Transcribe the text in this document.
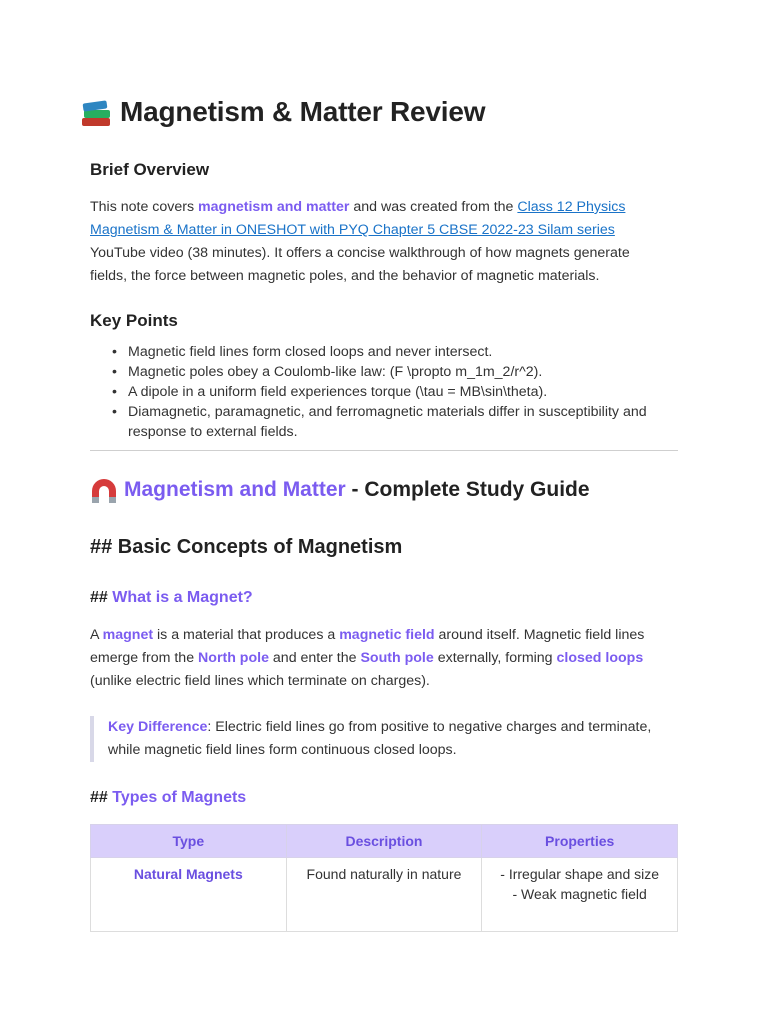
Magnetism & Matter Review
Brief Overview

This note covers magnetism and matter and was created from the Class 12 Physics Magnetism & Matter in ONESHOT with PYQ Chapter 5 CBSE 2022-23 Silam series YouTube video (38 minutes). It offers a concise walkthrough of how magnets generate fields, the force between magnetic poles, and the behavior of magnetic materials.

Key Points
• Magnetic field lines form closed loops and never intersect.
• Magnetic poles obey a Coulomb-like law: (F \propto m_1m_2/r^2).
• A dipole in a uniform field experiences torque (\tau = MB\sin\theta).
• Diamagnetic, paramagnetic, and ferromagnetic materials differ in susceptibility and response to external fields.
Magnetism and Matter - Complete Study Guide
## Basic Concepts of Magnetism
## What is a Magnet?

A magnet is a material that produces a magnetic field around itself. Magnetic field lines emerge from the North pole and enter the South pole externally, forming closed loops (unlike electric field lines which terminate on charges).

Key Difference: Electric field lines go from positive to negative charges and terminate, while magnetic field lines form continuous closed loops.
## Types of Magnets
Type	Description	Properties
Natural Magnets	Found naturally in nature	- Irregular shape and size
- Weak magnetic field
